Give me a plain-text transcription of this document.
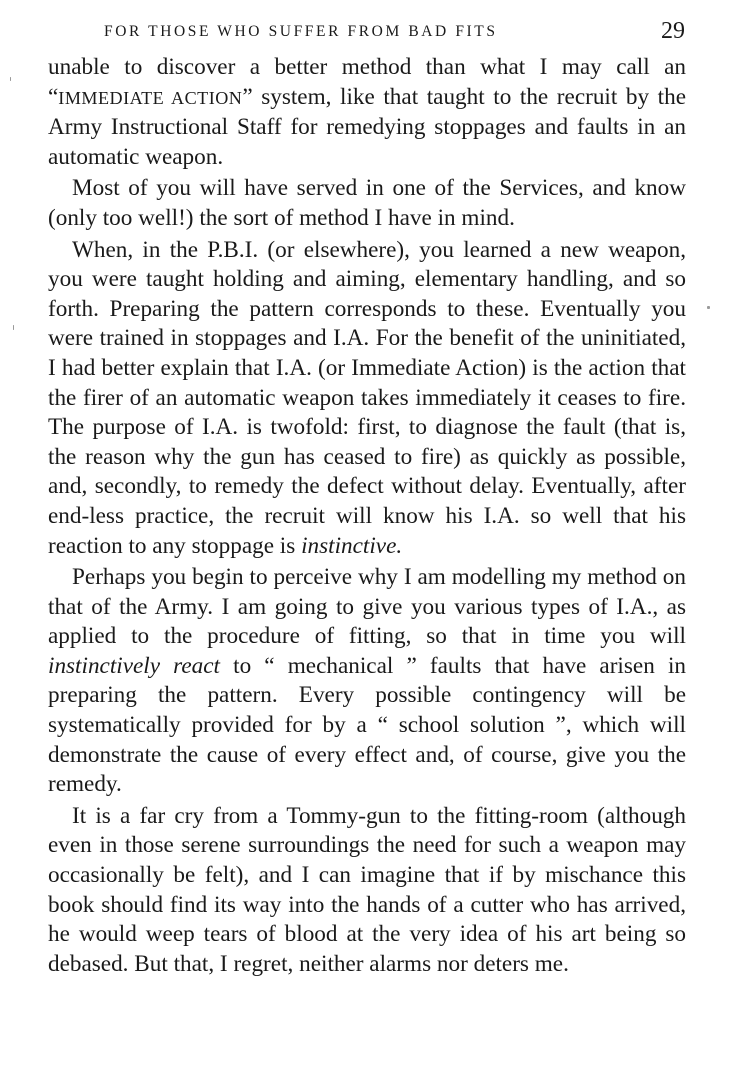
FOR THOSE WHO SUFFER FROM BAD FITS	29

unable to discover a better method than what I may call an “IMMEDIATE ACTION” system, like that taught to the recruit by the Army Instructional Staff for remedying stoppages and faults in an automatic weapon.

Most of you will have served in one of the Services, and know (only too well!) the sort of method I have in mind.

When, in the P.B.I. (or elsewhere), you learned a new weapon, you were taught holding and aiming, elementary handling, and so forth. Preparing the pattern corresponds to these. Eventually you were trained in stoppages and I.A. For the benefit of the uninitiated, I had better explain that I.A. (or Immediate Action) is the action that the firer of an automatic weapon takes immediately it ceases to fire. The purpose of I.A. is twofold: first, to diagnose the fault (that is, the reason why the gun has ceased to fire) as quickly as possible, and, secondly, to remedy the defect without delay. Eventually, after end-less practice, the recruit will know his I.A. so well that his reaction to any stoppage is instinctive.

Perhaps you begin to perceive why I am modelling my method on that of the Army. I am going to give you various types of I.A., as applied to the procedure of fitting, so that in time you will instinctively react to “ mechanical ” faults that have arisen in preparing the pattern. Every possible contingency will be systematically provided for by a “ school solution ”, which will demonstrate the cause of every effect and, of course, give you the remedy.

It is a far cry from a Tommy-gun to the fitting-room (although even in those serene surroundings the need for such a weapon may occasionally be felt), and I can imagine that if by mischance this book should find its way into the hands of a cutter who has arrived, he would weep tears of blood at the very idea of his art being so debased. But that, I regret, neither alarms nor deters me.
